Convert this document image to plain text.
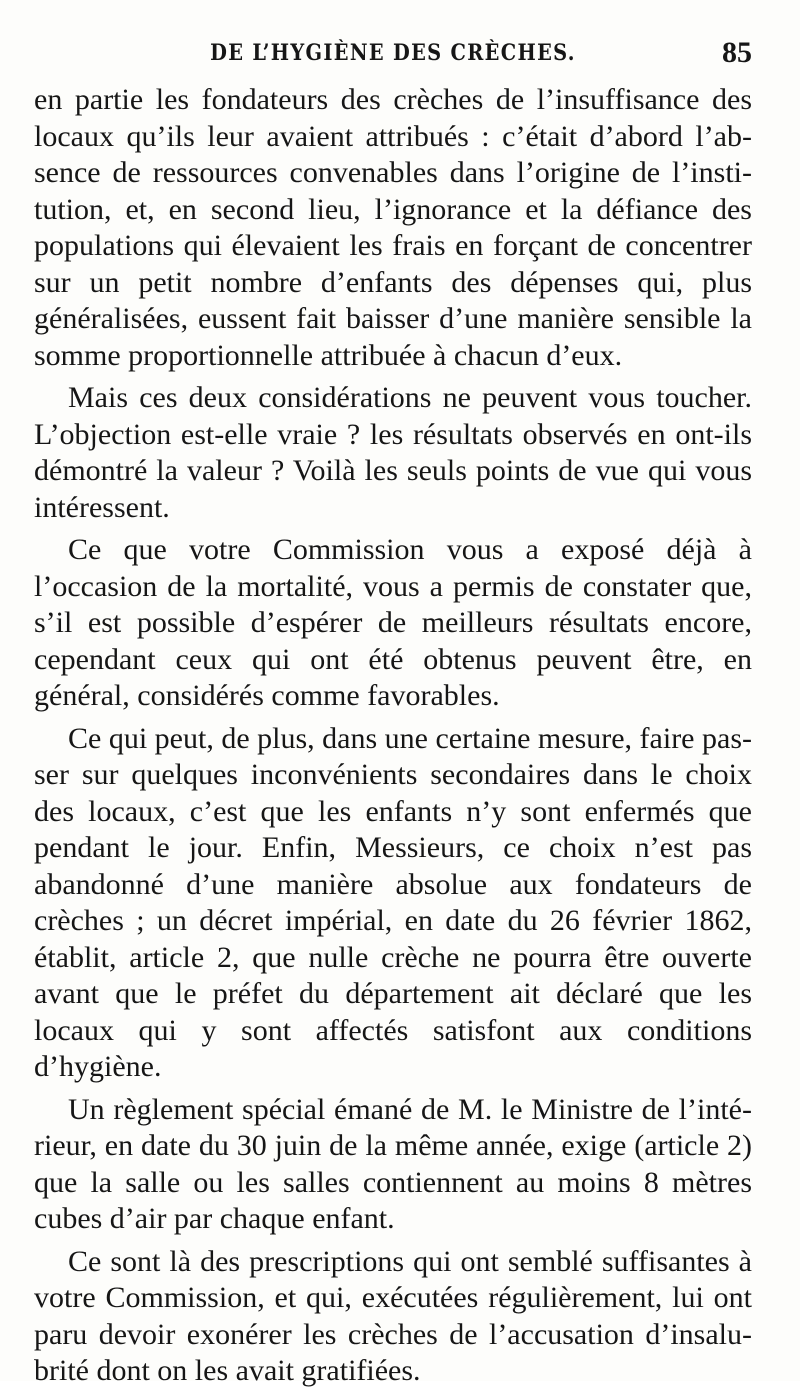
DE L’HYGIÈNE DES CRÈCHES.	85

en partie les fondateurs des crèches de l’insuffisance des locaux qu’ils leur avaient attribués : c’était d’abord l’absence de ressources convenables dans l’origine de l’institution, et, en second lieu, l’ignorance et la défiance des populations qui élevaient les frais en forçant de concentrer sur un petit nombre d’enfants des dépenses qui, plus généralisées, eussent fait baisser d’une manière sensible la somme proportionnelle attribuée à chacun d’eux.

Mais ces deux considérations ne peuvent vous toucher. L’objection est-elle vraie ? les résultats observés en ont-ils démontré la valeur ? Voilà les seuls points de vue qui vous intéressent.

Ce que votre Commission vous a exposé déjà à l’occasion de la mortalité, vous a permis de constater que, s’il est possible d’espérer de meilleurs résultats encore, cependant ceux qui ont été obtenus peuvent être, en général, considérés comme favorables.

Ce qui peut, de plus, dans une certaine mesure, faire passer sur quelques inconvénients secondaires dans le choix des locaux, c’est que les enfants n’y sont enfermés que pendant le jour. Enfin, Messieurs, ce choix n’est pas abandonné d’une manière absolue aux fondateurs de crèches ; un décret impérial, en date du 26 février 1862, établit, article 2, que nulle crèche ne pourra être ouverte avant que le préfet du département ait déclaré que les locaux qui y sont affectés satisfont aux conditions d’hygiène.

Un règlement spécial émané de M. le Ministre de l’intérieur, en date du 30 juin de la même année, exige (article 2) que la salle ou les salles contiennent au moins 8 mètres cubes d’air par chaque enfant.

Ce sont là des prescriptions qui ont semblé suffisantes à votre Commission, et qui, exécutées régulièrement, lui ont paru devoir exonérer les crèches de l’accusation d’insalubrité dont on les avait gratifiées.
